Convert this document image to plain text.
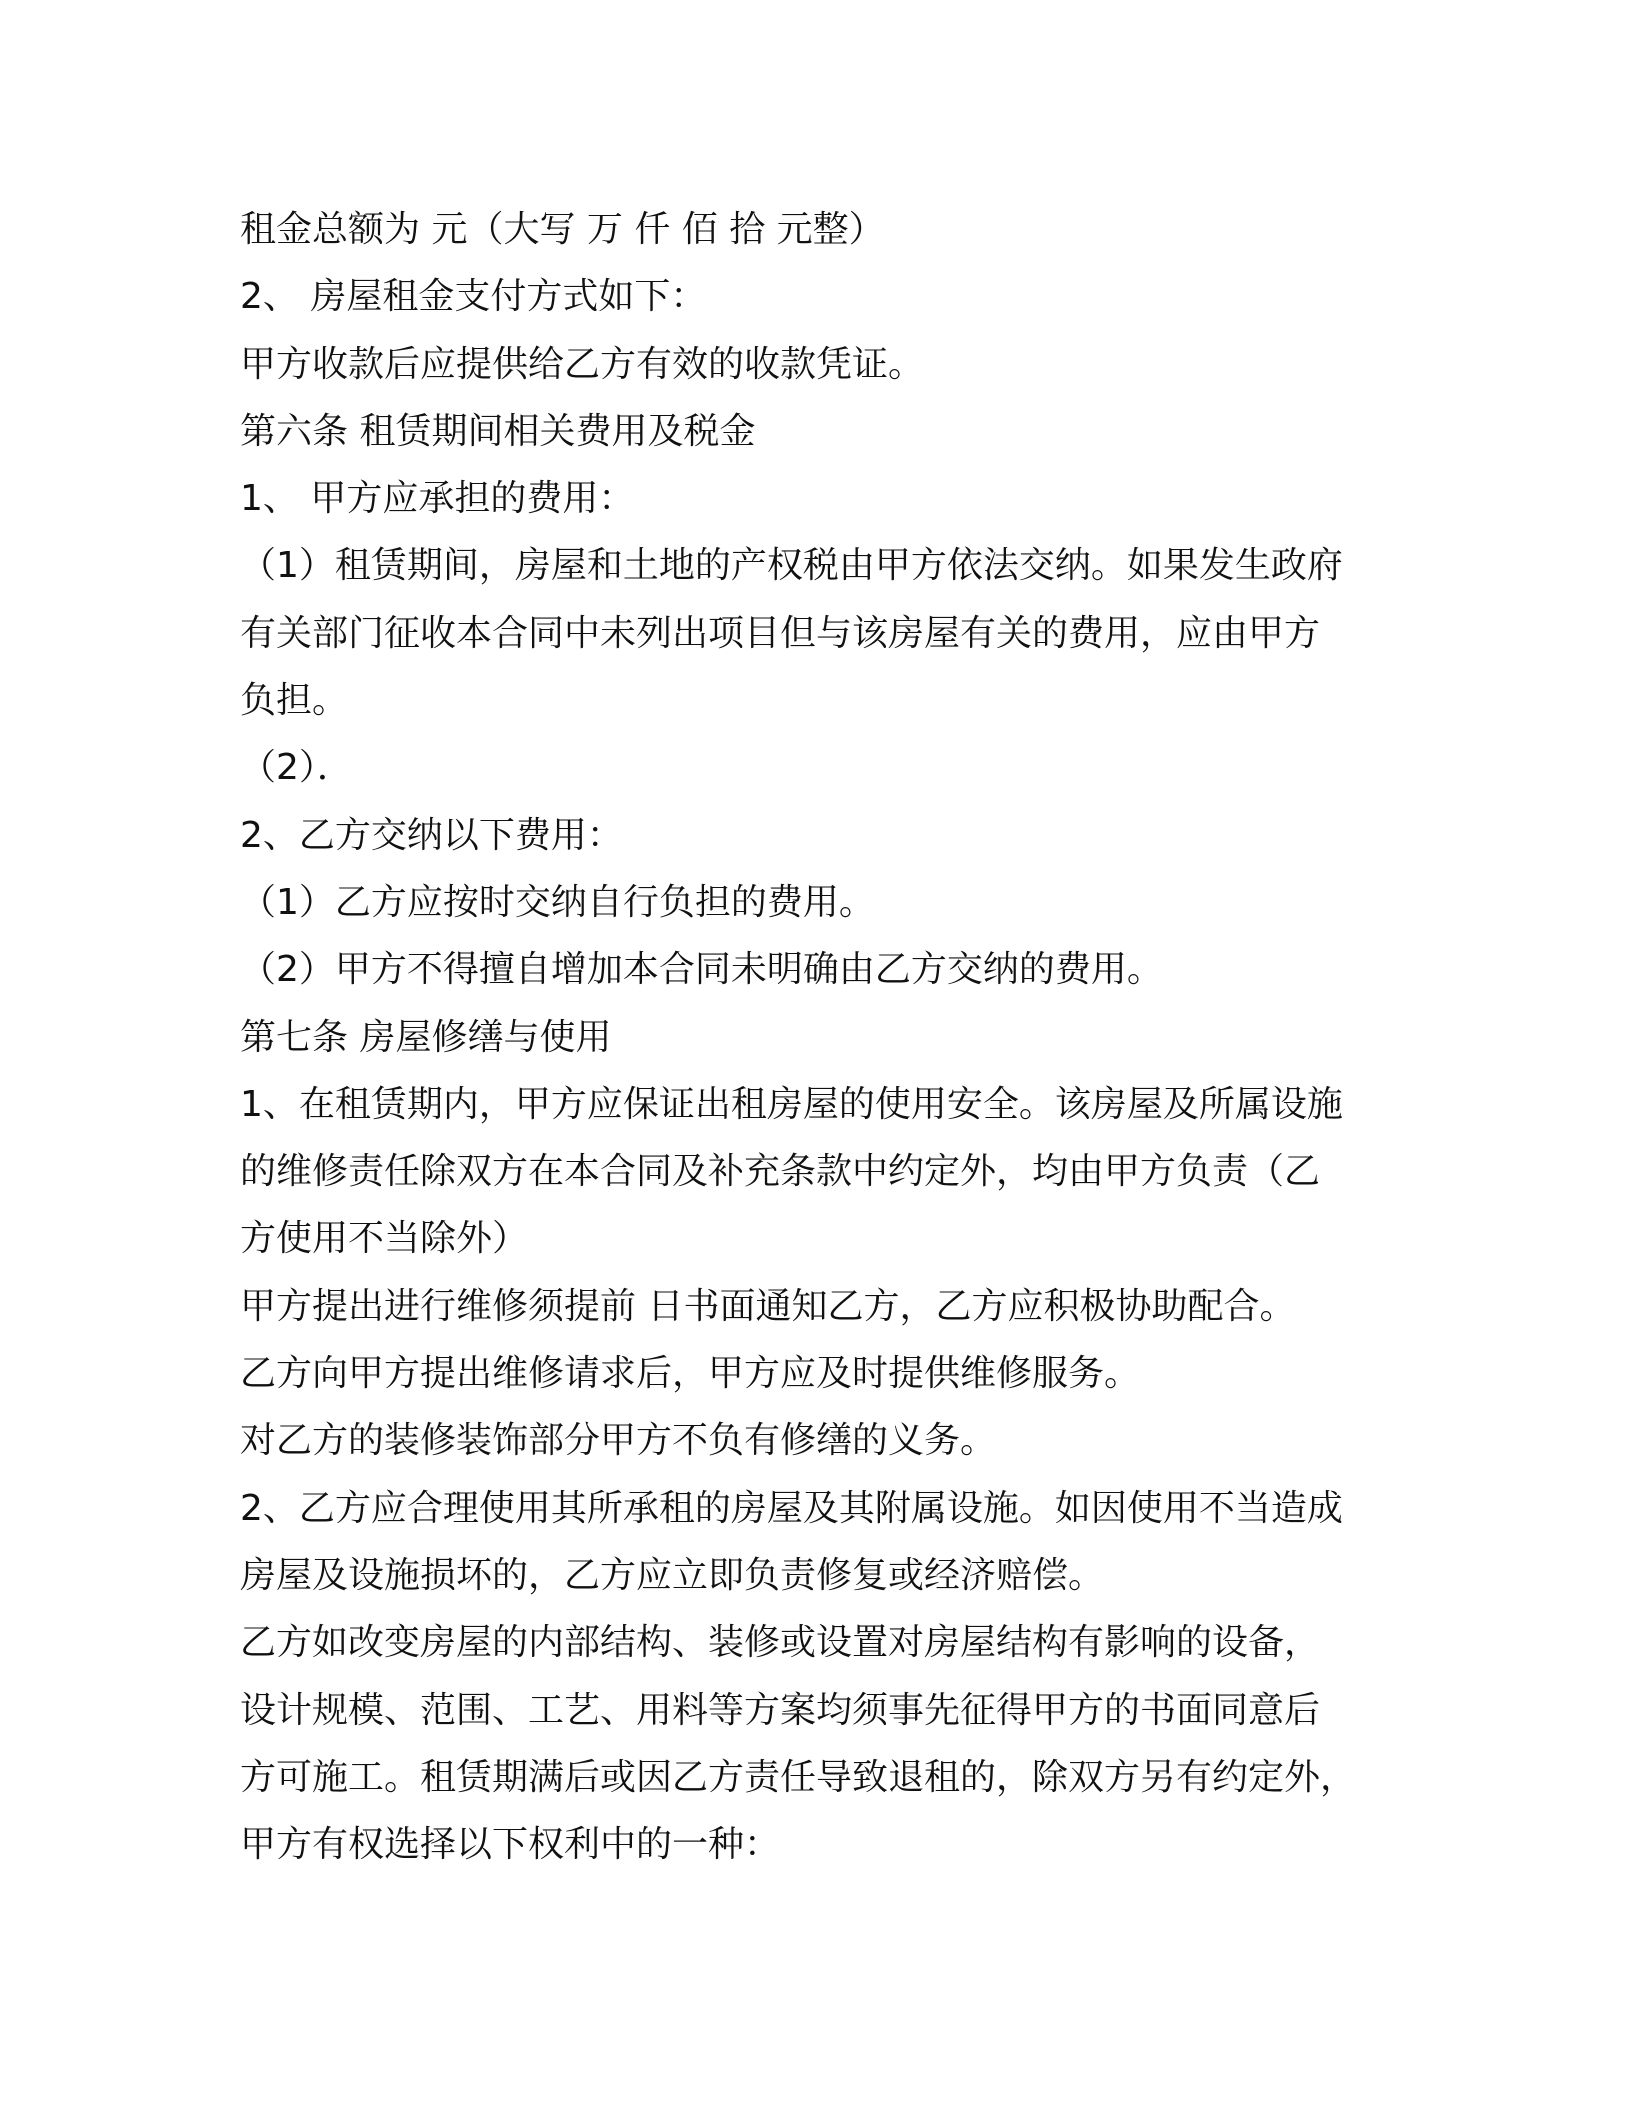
租金总额为 元（大写 万 仟 佰 拾 元整）
2、 房屋租金支付方式如下：
甲方收款后应提供给乙方有效的收款凭证。
第六条 租赁期间相关费用及税金
1、 甲方应承担的费用：
（1）租赁期间，房屋和土地的产权税由甲方依法交纳。如果发生政府
有关部门征收本合同中未列出项目但与该房屋有关的费用，应由甲方
负担。
（2）．
2、乙方交纳以下费用：
（1）乙方应按时交纳自行负担的费用。
（2）甲方不得擅自增加本合同未明确由乙方交纳的费用。
第七条 房屋修缮与使用
1、在租赁期内，甲方应保证出租房屋的使用安全。该房屋及所属设施
的维修责任除双方在本合同及补充条款中约定外，均由甲方负责（乙
方使用不当除外）
甲方提出进行维修须提前 日书面通知乙方，乙方应积极协助配合。
乙方向甲方提出维修请求后，甲方应及时提供维修服务。
对乙方的装修装饰部分甲方不负有修缮的义务。
2、乙方应合理使用其所承租的房屋及其附属设施。如因使用不当造成
房屋及设施损坏的，乙方应立即负责修复或经济赔偿。
乙方如改变房屋的内部结构、装修或设置对房屋结构有影响的设备，
设计规模、范围、工艺、用料等方案均须事先征得甲方的书面同意后
方可施工。租赁期满后或因乙方责任导致退租的，除双方另有约定外，
甲方有权选择以下权利中的一种：
